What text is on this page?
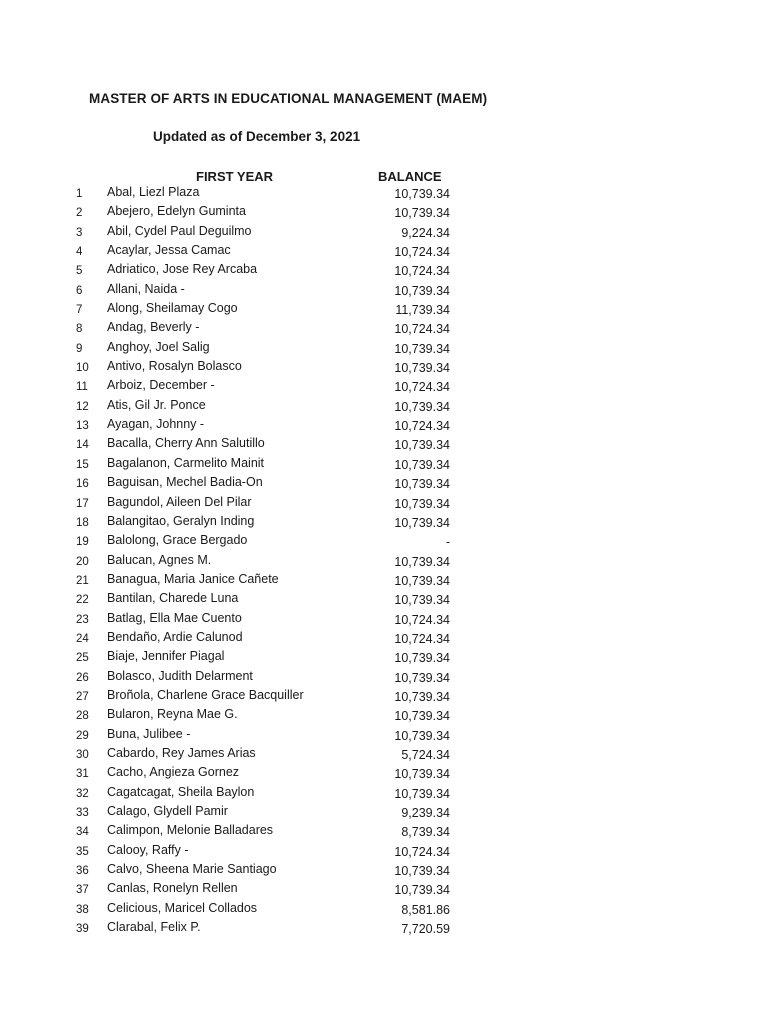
MASTER OF ARTS IN EDUCATIONAL MANAGEMENT (MAEM)
Updated as of December 3, 2021
FIRST YEAR	BALANCE
1	Abal, Liezl Plaza	10,739.34
2	Abejero, Edelyn Guminta	10,739.34
3	Abil, Cydel Paul Deguilmo	9,224.34
4	Acaylar, Jessa Camac	10,724.34
5	Adriatico, Jose Rey Arcaba	10,724.34
6	Allani, Naida -	10,739.34
7	Along, Sheilamay Cogo	11,739.34
8	Andag, Beverly -	10,724.34
9	Anghoy, Joel Salig	10,739.34
10	Antivo, Rosalyn Bolasco	10,739.34
11	Arboiz, December -	10,724.34
12	Atis, Gil Jr. Ponce	10,739.34
13	Ayagan, Johnny -	10,724.34
14	Bacalla, Cherry Ann Salutillo	10,739.34
15	Bagalanon, Carmelito Mainit	10,739.34
16	Baguisan, Mechel Badia-On	10,739.34
17	Bagundol, Aileen Del Pilar	10,739.34
18	Balangitao, Geralyn Inding	10,739.34
19	Balolong, Grace Bergado	-
20	Balucan, Agnes M.	10,739.34
21	Banagua, Maria Janice Cañete	10,739.34
22	Bantilan, Charede Luna	10,739.34
23	Batlag, Ella Mae Cuento	10,724.34
24	Bendaño, Ardie Calunod	10,724.34
25	Biaje, Jennifer Piagal	10,739.34
26	Bolasco, Judith Delarment	10,739.34
27	Broñola, Charlene Grace Bacquiller	10,739.34
28	Bularon, Reyna Mae G.	10,739.34
29	Buna, Julibee -	10,739.34
30	Cabardo, Rey James Arias	5,724.34
31	Cacho, Angieza Gornez	10,739.34
32	Cagatcagat, Sheila Baylon	10,739.34
33	Calago, Glydell Pamir	9,239.34
34	Calimpon, Melonie Balladares	8,739.34
35	Calooy, Raffy -	10,724.34
36	Calvo, Sheena Marie Santiago	10,739.34
37	Canlas, Ronelyn Rellen	10,739.34
38	Celicious, Maricel Collados	8,581.86
39	Clarabal, Felix P.	7,720.59
